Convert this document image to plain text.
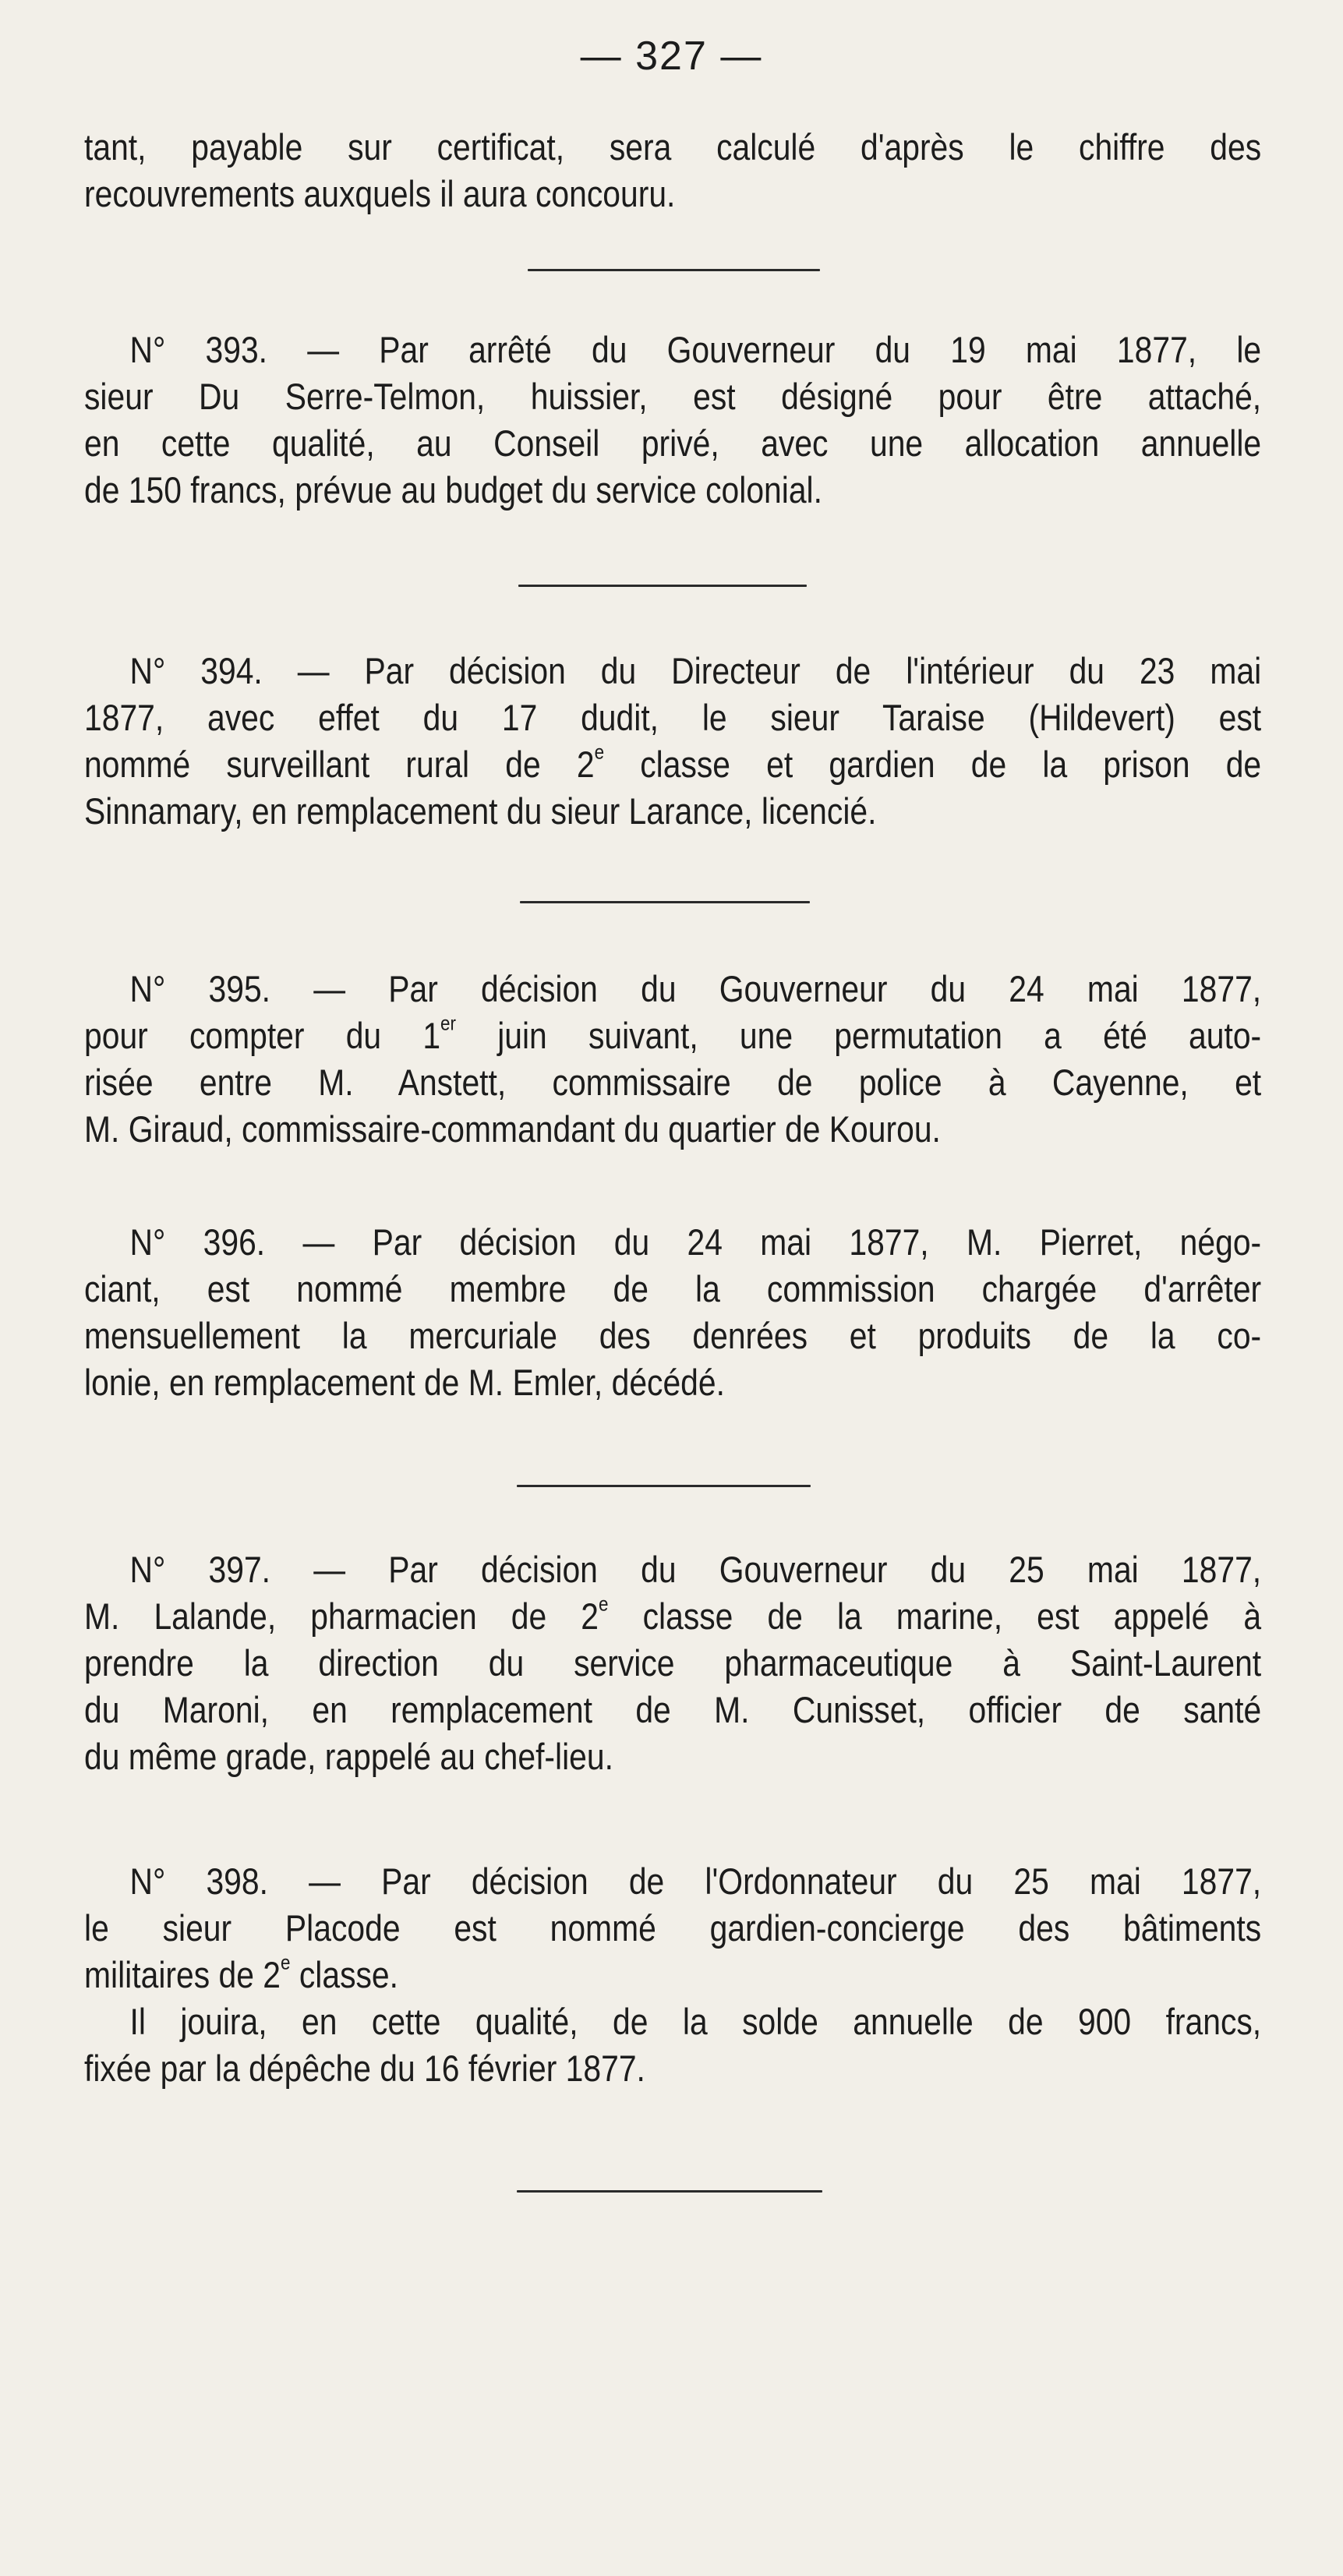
— 327 —
tant, payable sur certificat, sera calculé d'après le chiffre des
recouvrements auxquels il aura concouru.
N° 393. — Par arrêté du Gouverneur du 19 mai 1877, le
sieur Du Serre-Telmon, huissier, est désigné pour être attaché,
en cette qualité, au Conseil privé, avec une allocation annuelle
de 150 francs, prévue au budget du service colonial.
N° 394. — Par décision du Directeur de l'intérieur du 23 mai
1877, avec effet du 17 dudit, le sieur Taraise (Hildevert) est
nommé surveillant rural de 2e classe et gardien de la prison de
Sinnamary, en remplacement du sieur Larance, licencié.
N° 395. — Par décision du Gouverneur du 24 mai 1877,
pour compter du 1er juin suivant, une permutation a été auto-
risée entre M. Anstett, commissaire de police à Cayenne, et
M. Giraud, commissaire-commandant du quartier de Kourou.
N° 396. — Par décision du 24 mai 1877, M. Pierret, négo-
ciant, est nommé membre de la commission chargée d'arrêter
mensuellement la mercuriale des denrées et produits de la co-
lonie, en remplacement de M. Emler, décédé.
N° 397. — Par décision du Gouverneur du 25 mai 1877,
M. Lalande, pharmacien de 2e classe de la marine, est appelé à
prendre la direction du service pharmaceutique à Saint-Laurent
du Maroni, en remplacement de M. Cunisset, officier de santé
du même grade, rappelé au chef-lieu.
N° 398. — Par décision de l'Ordonnateur du 25 mai 1877,
le sieur Placode est nommé gardien-concierge des bâtiments
militaires de 2e classe.
Il jouira, en cette qualité, de la solde annuelle de 900 francs,
fixée par la dépêche du 16 février 1877.
